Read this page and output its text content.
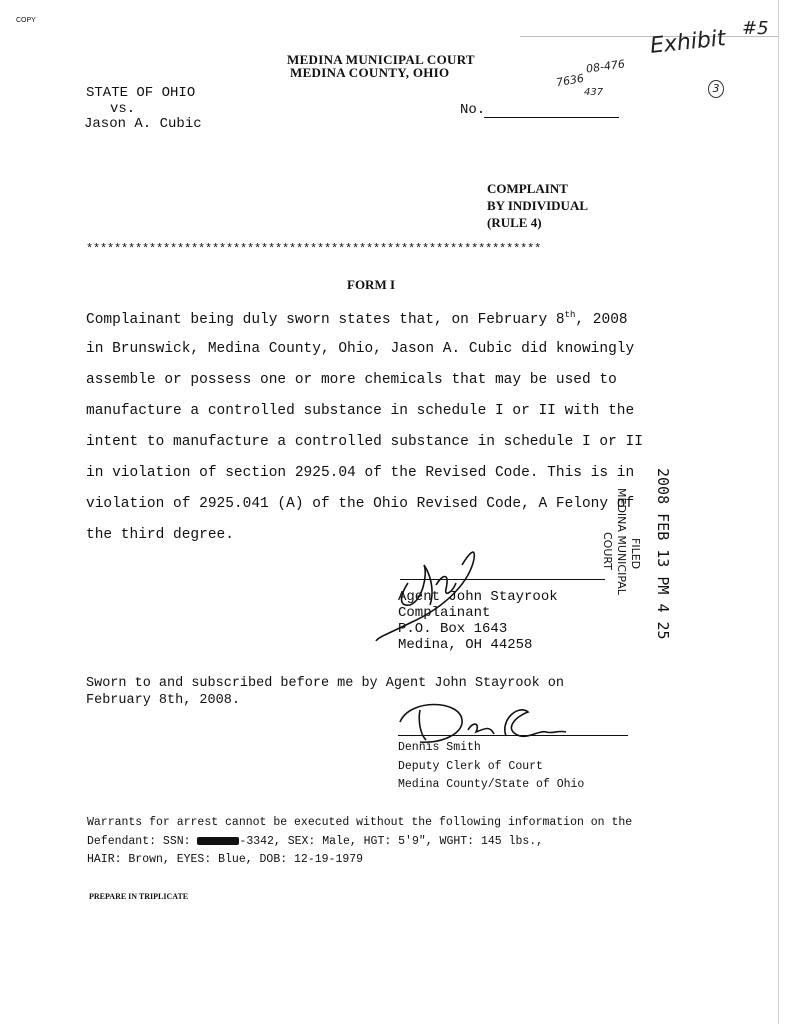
COPY
MEDINA MUNICIPAL COURT
MEDINA COUNTY, OHIO
Exhibit #5
3
7636
08-476
437
STATE OF OHIO
vs.
Jason A. Cubic
No.
COMPLAINT
BY INDIVIDUAL
(RULE 4)
*****************************************************************
FORM I
Complainant being duly sworn states that, on February 8th, 2008
in Brunswick, Medina County, Ohio, Jason A. Cubic did knowingly
assemble or possess one or more chemicals that may be used to
manufacture a controlled substance in schedule I or II with the
intent to manufacture a controlled substance in schedule I or II
in violation of section 2925.04 of the Revised Code. This is in
violation of 2925.041 (A) of the Ohio Revised Code, A Felony of
the third degree.
Agent John Stayrook
Complainant
P.O. Box 1643
Medina, OH 44258
2008 FEB 13 PM 4 25
FILED
MEDINA MUNICIPAL
COURT
Sworn to and subscribed before me by Agent John Stayrook on
February 8th, 2008.
Dennis Smith
Deputy Clerk of Court
Medina County/State of Ohio
Warrants for arrest cannot be executed without the following information on the
Defendant: SSN:	-3342, SEX: Male, HGT: 5'9", WGHT: 145 lbs.,
HAIR: Brown, EYES: Blue, DOB: 12-19-1979
PREPARE IN TRIPLICATE
